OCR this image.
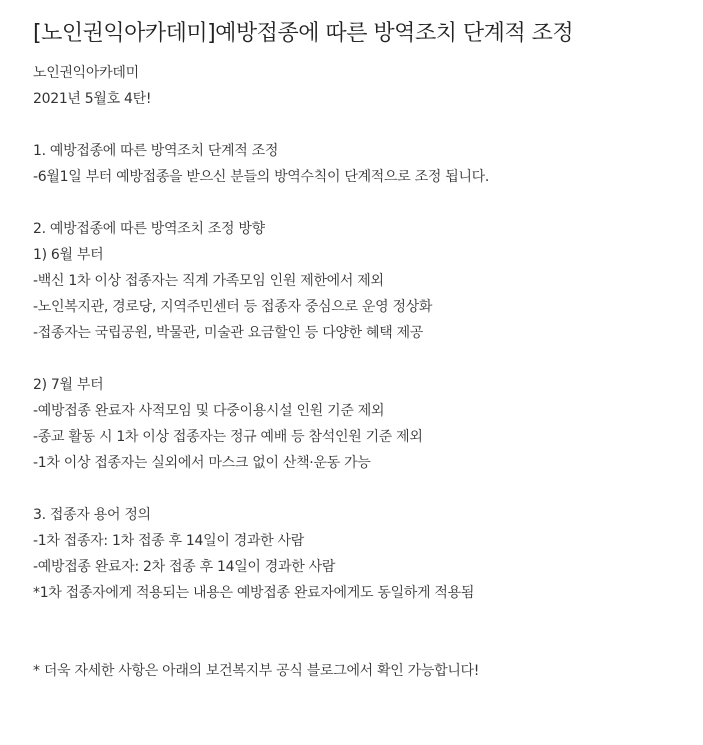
[노인권익아카데미]예방접종에 따른 방역조치 단계적 조정
노인권익아카데미
2021년 5월호 4탄!
1. 예방접종에 따른 방역조치 단계적 조정
-6월1일 부터 예방접종을 받으신 분들의 방역수칙이 단계적으로 조정 됩니다.
2. 예방접종에 따른 방역조치 조정 방향
1) 6월 부터
-백신 1차 이상 접종자는 직계 가족모임 인원 제한에서 제외
-노인복지관, 경로당, 지역주민센터 등 접종자 중심으로 운영 정상화
-접종자는 국립공원, 박물관, 미술관 요금할인 등 다양한 혜택 제공
2) 7월 부터
-예방접종 완료자 사적모임 및 다중이용시설 인원 기준 제외
-종교 활동 시 1차 이상 접종자는 정규 예배 등 참석인원 기준 제외
-1차 이상 접종자는 실외에서 마스크 없이 산책·운동 가능
3. 접종자 용어 정의
-1차 접종자: 1차 접종 후 14일이 경과한 사람
-예방접종 완료자: 2차 접종 후 14일이 경과한 사람
*1차 접종자에게 적용되는 내용은 예방접종 완료자에게도 동일하게 적용됨
* 더욱 자세한 사항은 아래의 보건복지부 공식 블로그에서 확인 가능합니다!
